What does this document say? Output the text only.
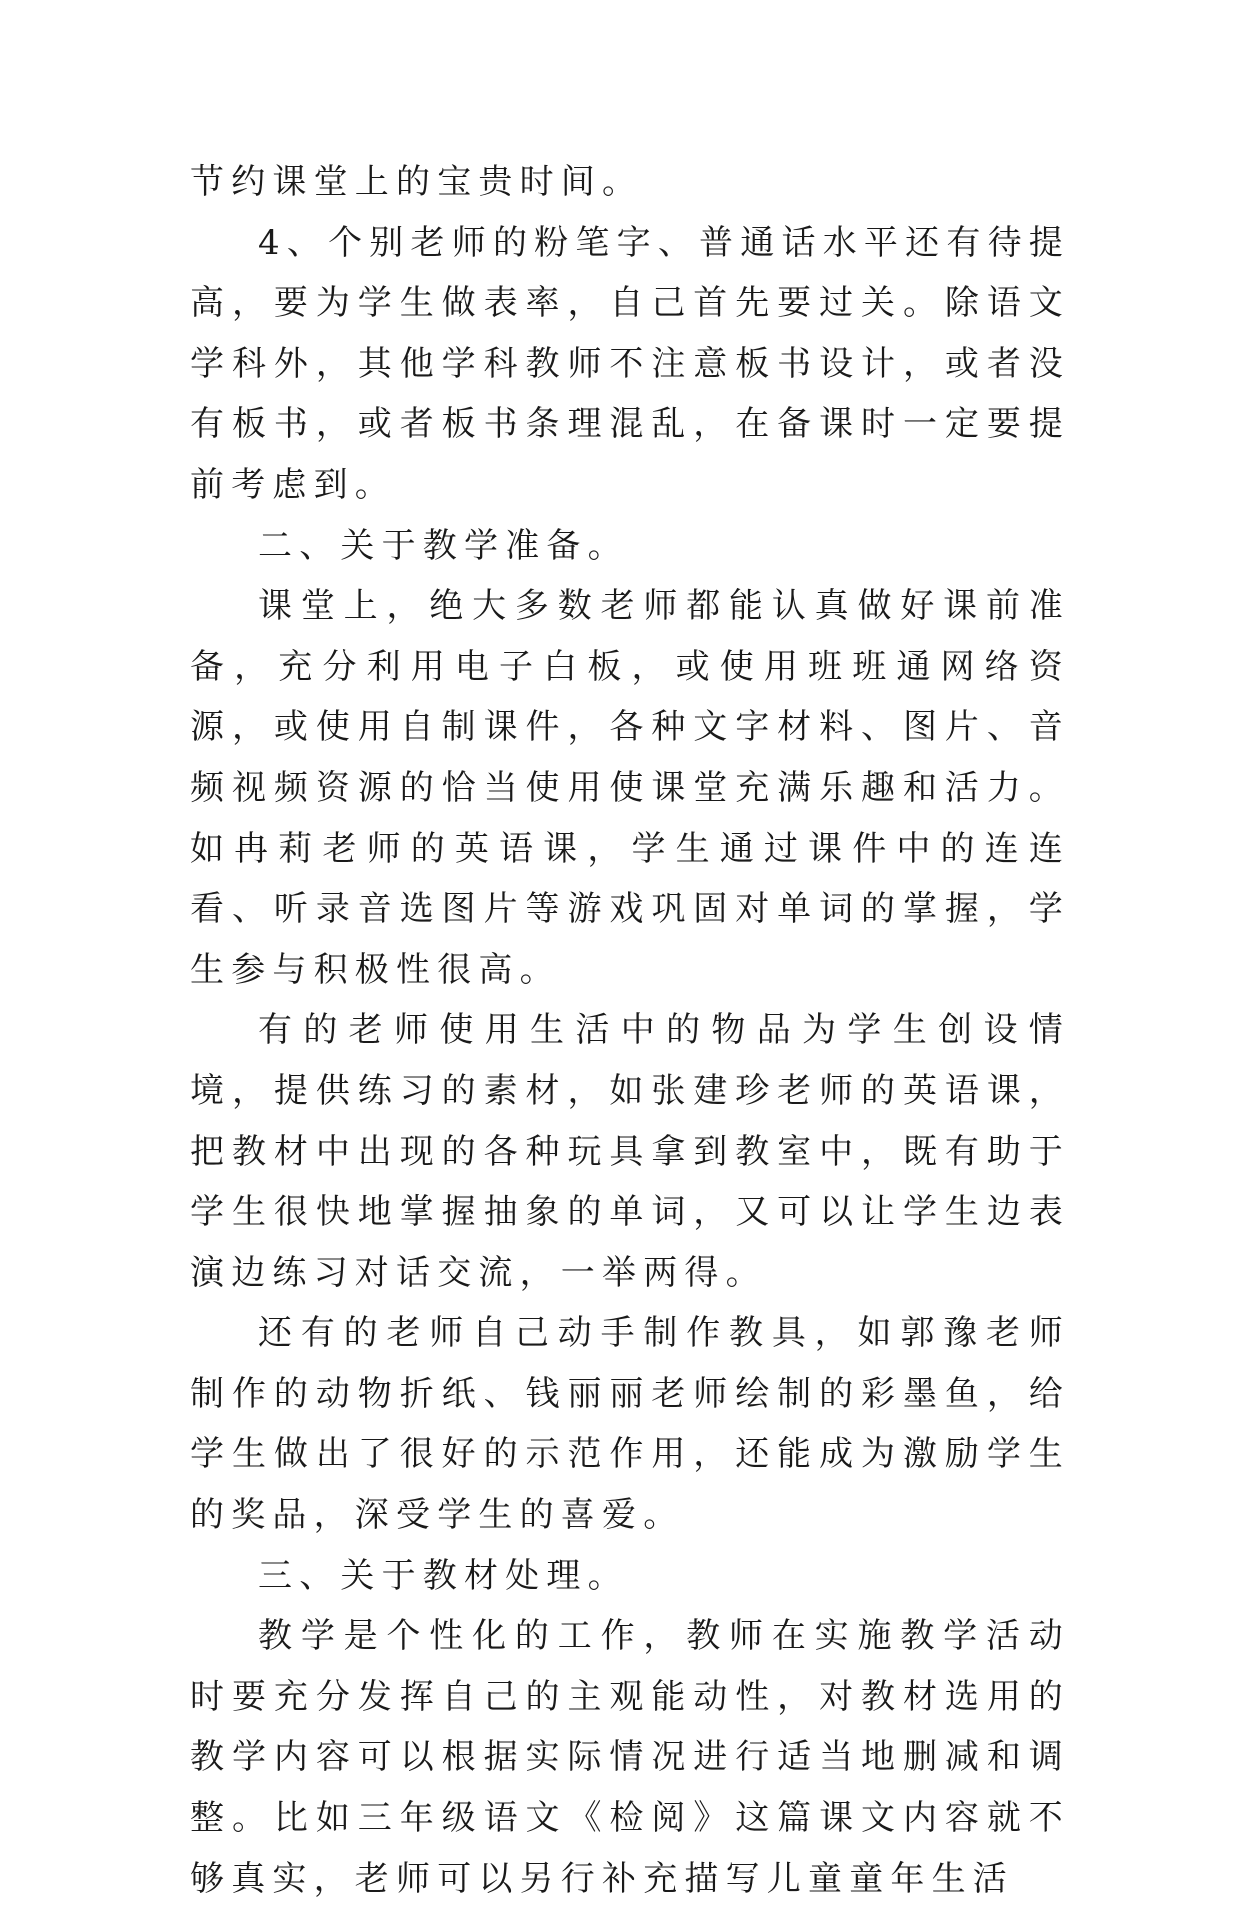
节约课堂上的宝贵时间。

4、个别老师的粉笔字、普通话水平还有待提高，要为学生做表率，自己首先要过关。除语文学科外，其他学科教师不注意板书设计，或者没有板书，或者板书条理混乱，在备课时一定要提前考虑到。

二、关于教学准备。

课堂上，绝大多数老师都能认真做好课前准备，充分利用电子白板，或使用班班通网络资源，或使用自制课件，各种文字材料、图片、音频视频资源的恰当使用使课堂充满乐趣和活力。如冉莉老师的英语课，学生通过课件中的连连看、听录音选图片等游戏巩固对单词的掌握，学生参与积极性很高。

有的老师使用生活中的物品为学生创设情境，提供练习的素材，如张建珍老师的英语课，把教材中出现的各种玩具拿到教室中，既有助于学生很快地掌握抽象的单词，又可以让学生边表演边练习对话交流，一举两得。

还有的老师自己动手制作教具，如郭豫老师制作的动物折纸、钱丽丽老师绘制的彩墨鱼，给学生做出了很好的示范作用，还能成为激励学生的奖品，深受学生的喜爱。

三、关于教材处理。

教学是个性化的工作，教师在实施教学活动时要充分发挥自己的主观能动性，对教材选用的教学内容可以根据实际情况进行适当地删减和调整。比如三年级语文《检阅》这篇课文内容就不够真实，老师可以另行补充描写儿童童年生活
